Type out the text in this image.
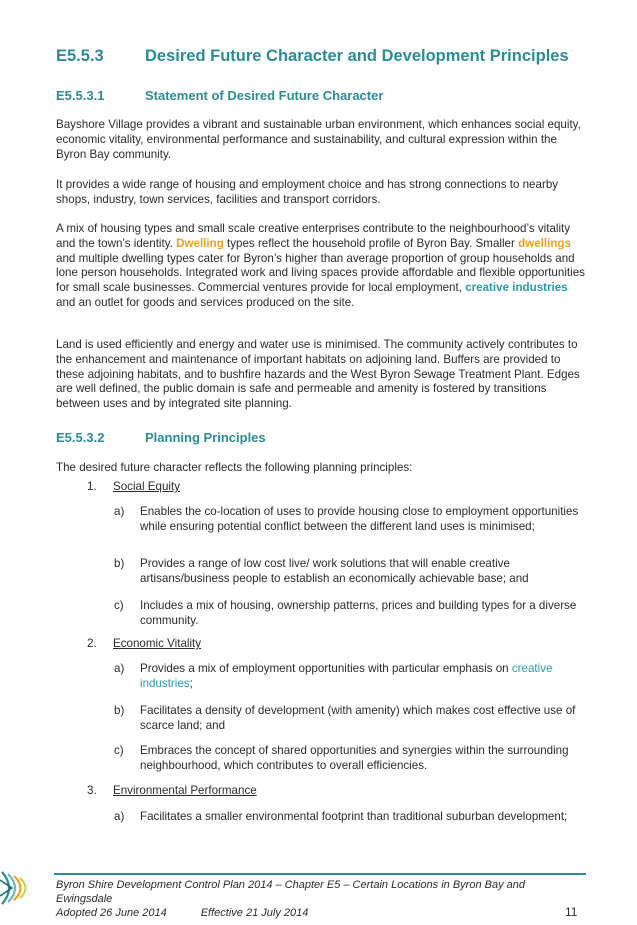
E5.5.3	Desired Future Character and Development Principles
E5.5.3.1	Statement of Desired Future Character

Bayshore Village provides a vibrant and sustainable urban environment, which enhances social equity, economic vitality, environmental performance and sustainability, and cultural expression within the Byron Bay community.

It provides a wide range of housing and employment choice and has strong connections to nearby shops, industry, town services, facilities and transport corridors.

A mix of housing types and small scale creative enterprises contribute to the neighbourhood’s vitality and the town’s identity. Dwelling types reflect the household profile of Byron Bay. Smaller dwellings and multiple dwelling types cater for Byron’s higher than average proportion of group households and lone person households. Integrated work and living spaces provide affordable and flexible opportunities for small scale businesses. Commercial ventures provide for local employment, creative industries and an outlet for goods and services produced on the site.

Land is used efficiently and energy and water use is minimised. The community actively contributes to the enhancement and maintenance of important habitats on adjoining land. Buffers are provided to these adjoining habitats, and to bushfire hazards and the West Byron Sewage Treatment Plant. Edges are well defined, the public domain is safe and permeable and amenity is fostered by transitions between uses and by integrated site planning.

E5.5.3.2	Planning Principles

The desired future character reflects the following planning principles:

1. Social Equity
a) Enables the co-location of uses to provide housing close to employment opportunities while ensuring potential conflict between the different land uses is minimised;
b) Provides a range of low cost live/ work solutions that will enable creative artisans/business people to establish an economically achievable base; and
c) Includes a mix of housing, ownership patterns, prices and building types for a diverse community.
2. Economic Vitality
a) Provides a mix of employment opportunities with particular emphasis on creative industries;
b) Facilitates a density of development (with amenity) which makes cost effective use of scarce land; and
c) Embraces the concept of shared opportunities and synergies within the surrounding neighbourhood, which contributes to overall efficiencies.
3. Environmental Performance
a) Facilitates a smaller environmental footprint than traditional suburban development;
Byron Shire Development Control Plan 2014 – Chapter E5 – Certain Locations in Byron Bay and Ewingsdale
Adopted 26 June 2014	Effective 21 July 2014	11
